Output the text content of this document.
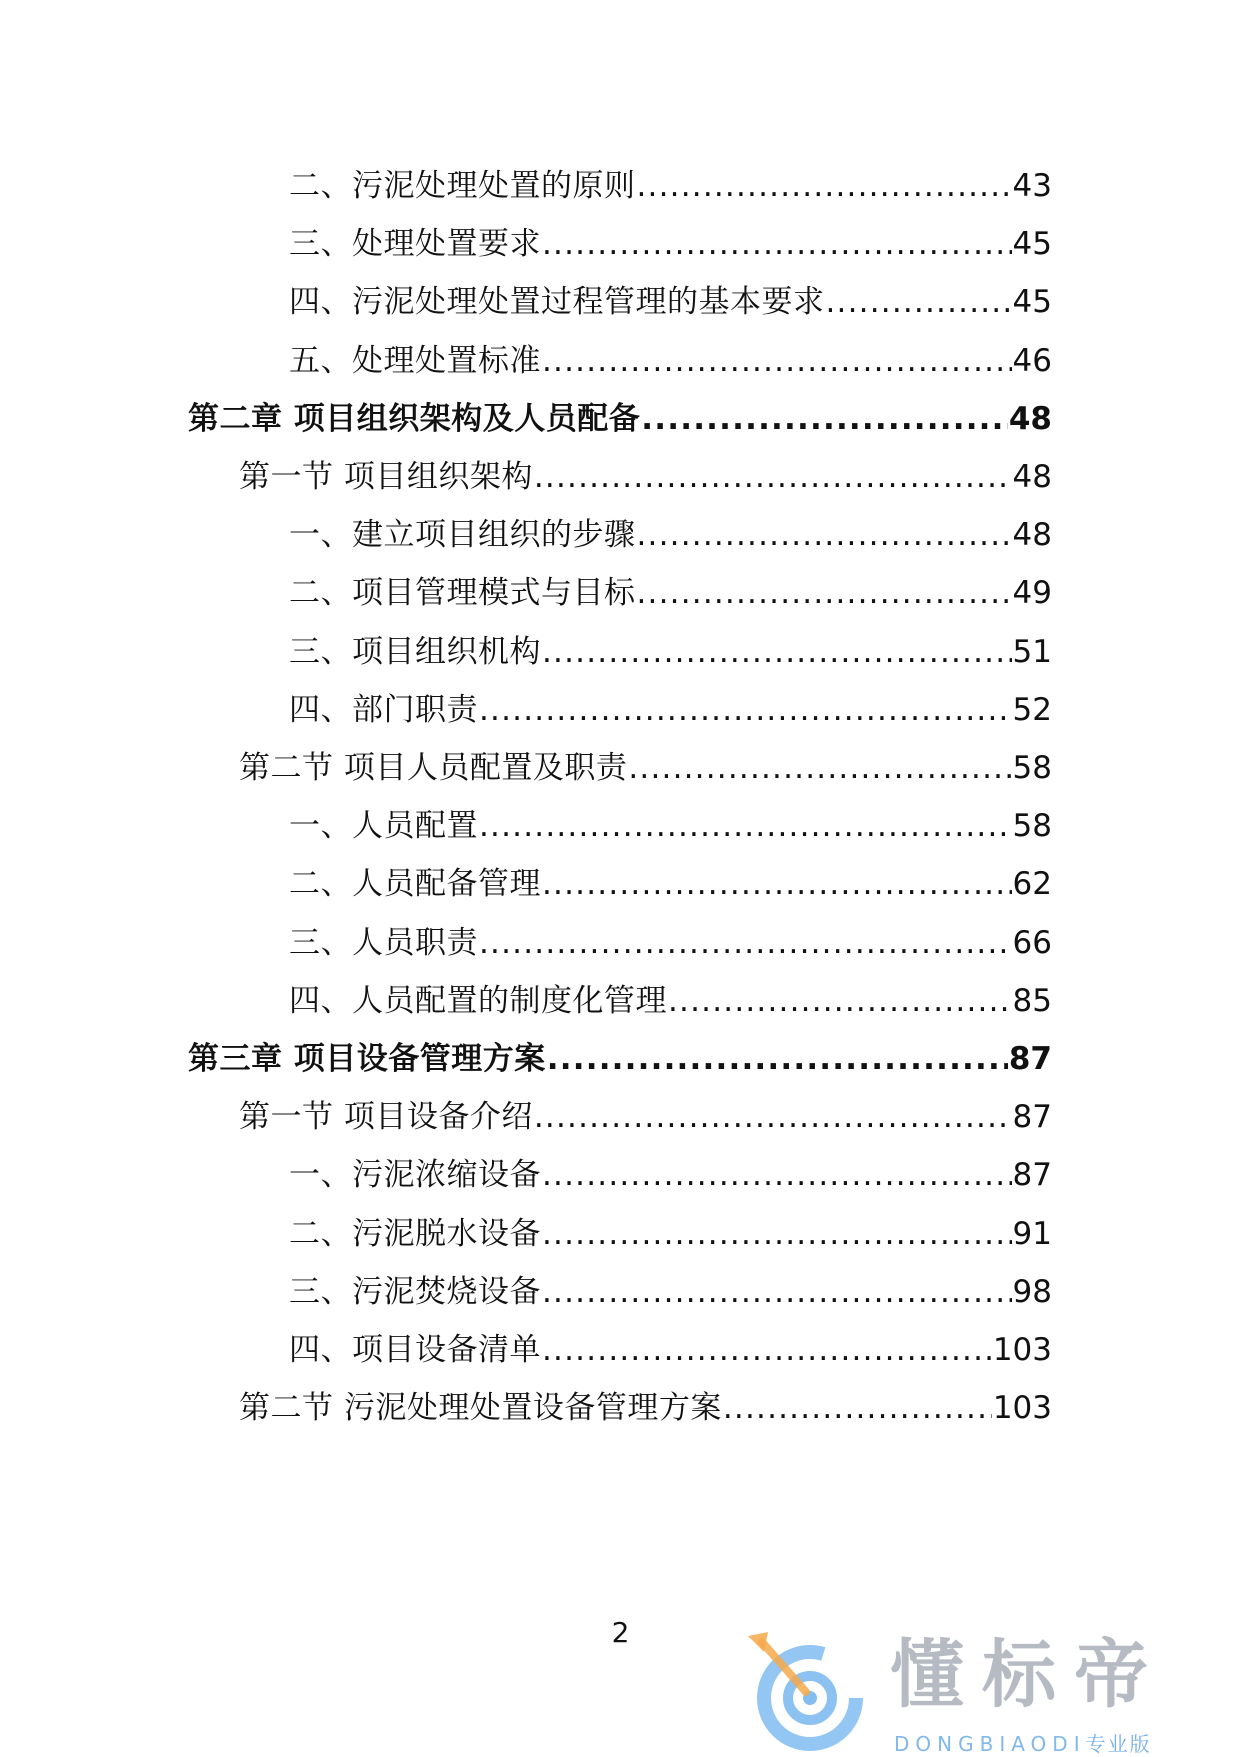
二、污泥处理处置的原则 .....	43
三、处理处置要求 .....	45
四、污泥处理处置过程管理的基本要求 .....	45
五、处理处置标准 .....	46
第二章 项目组织架构及人员配备 .....	48
第一节 项目组织架构 .....	48
一、建立项目组织的步骤 .....	48
二、项目管理模式与目标 .....	49
三、项目组织机构 .....	51
四、部门职责 .....	52
第二节 项目人员配置及职责 .....	58
一、人员配置 .....	58
二、人员配备管理 .....	62
三、人员职责 .....	66
四、人员配置的制度化管理 .....	85
第三章 项目设备管理方案 .....	87
第一节 项目设备介绍 .....	87
一、污泥浓缩设备 .....	87
二、污泥脱水设备 .....	91
三、污泥焚烧设备 .....	98
四、项目设备清单 .....	103
第二节 污泥处理处置设备管理方案 .....	103
2	懂标帝
DONGBIAODI专业版
